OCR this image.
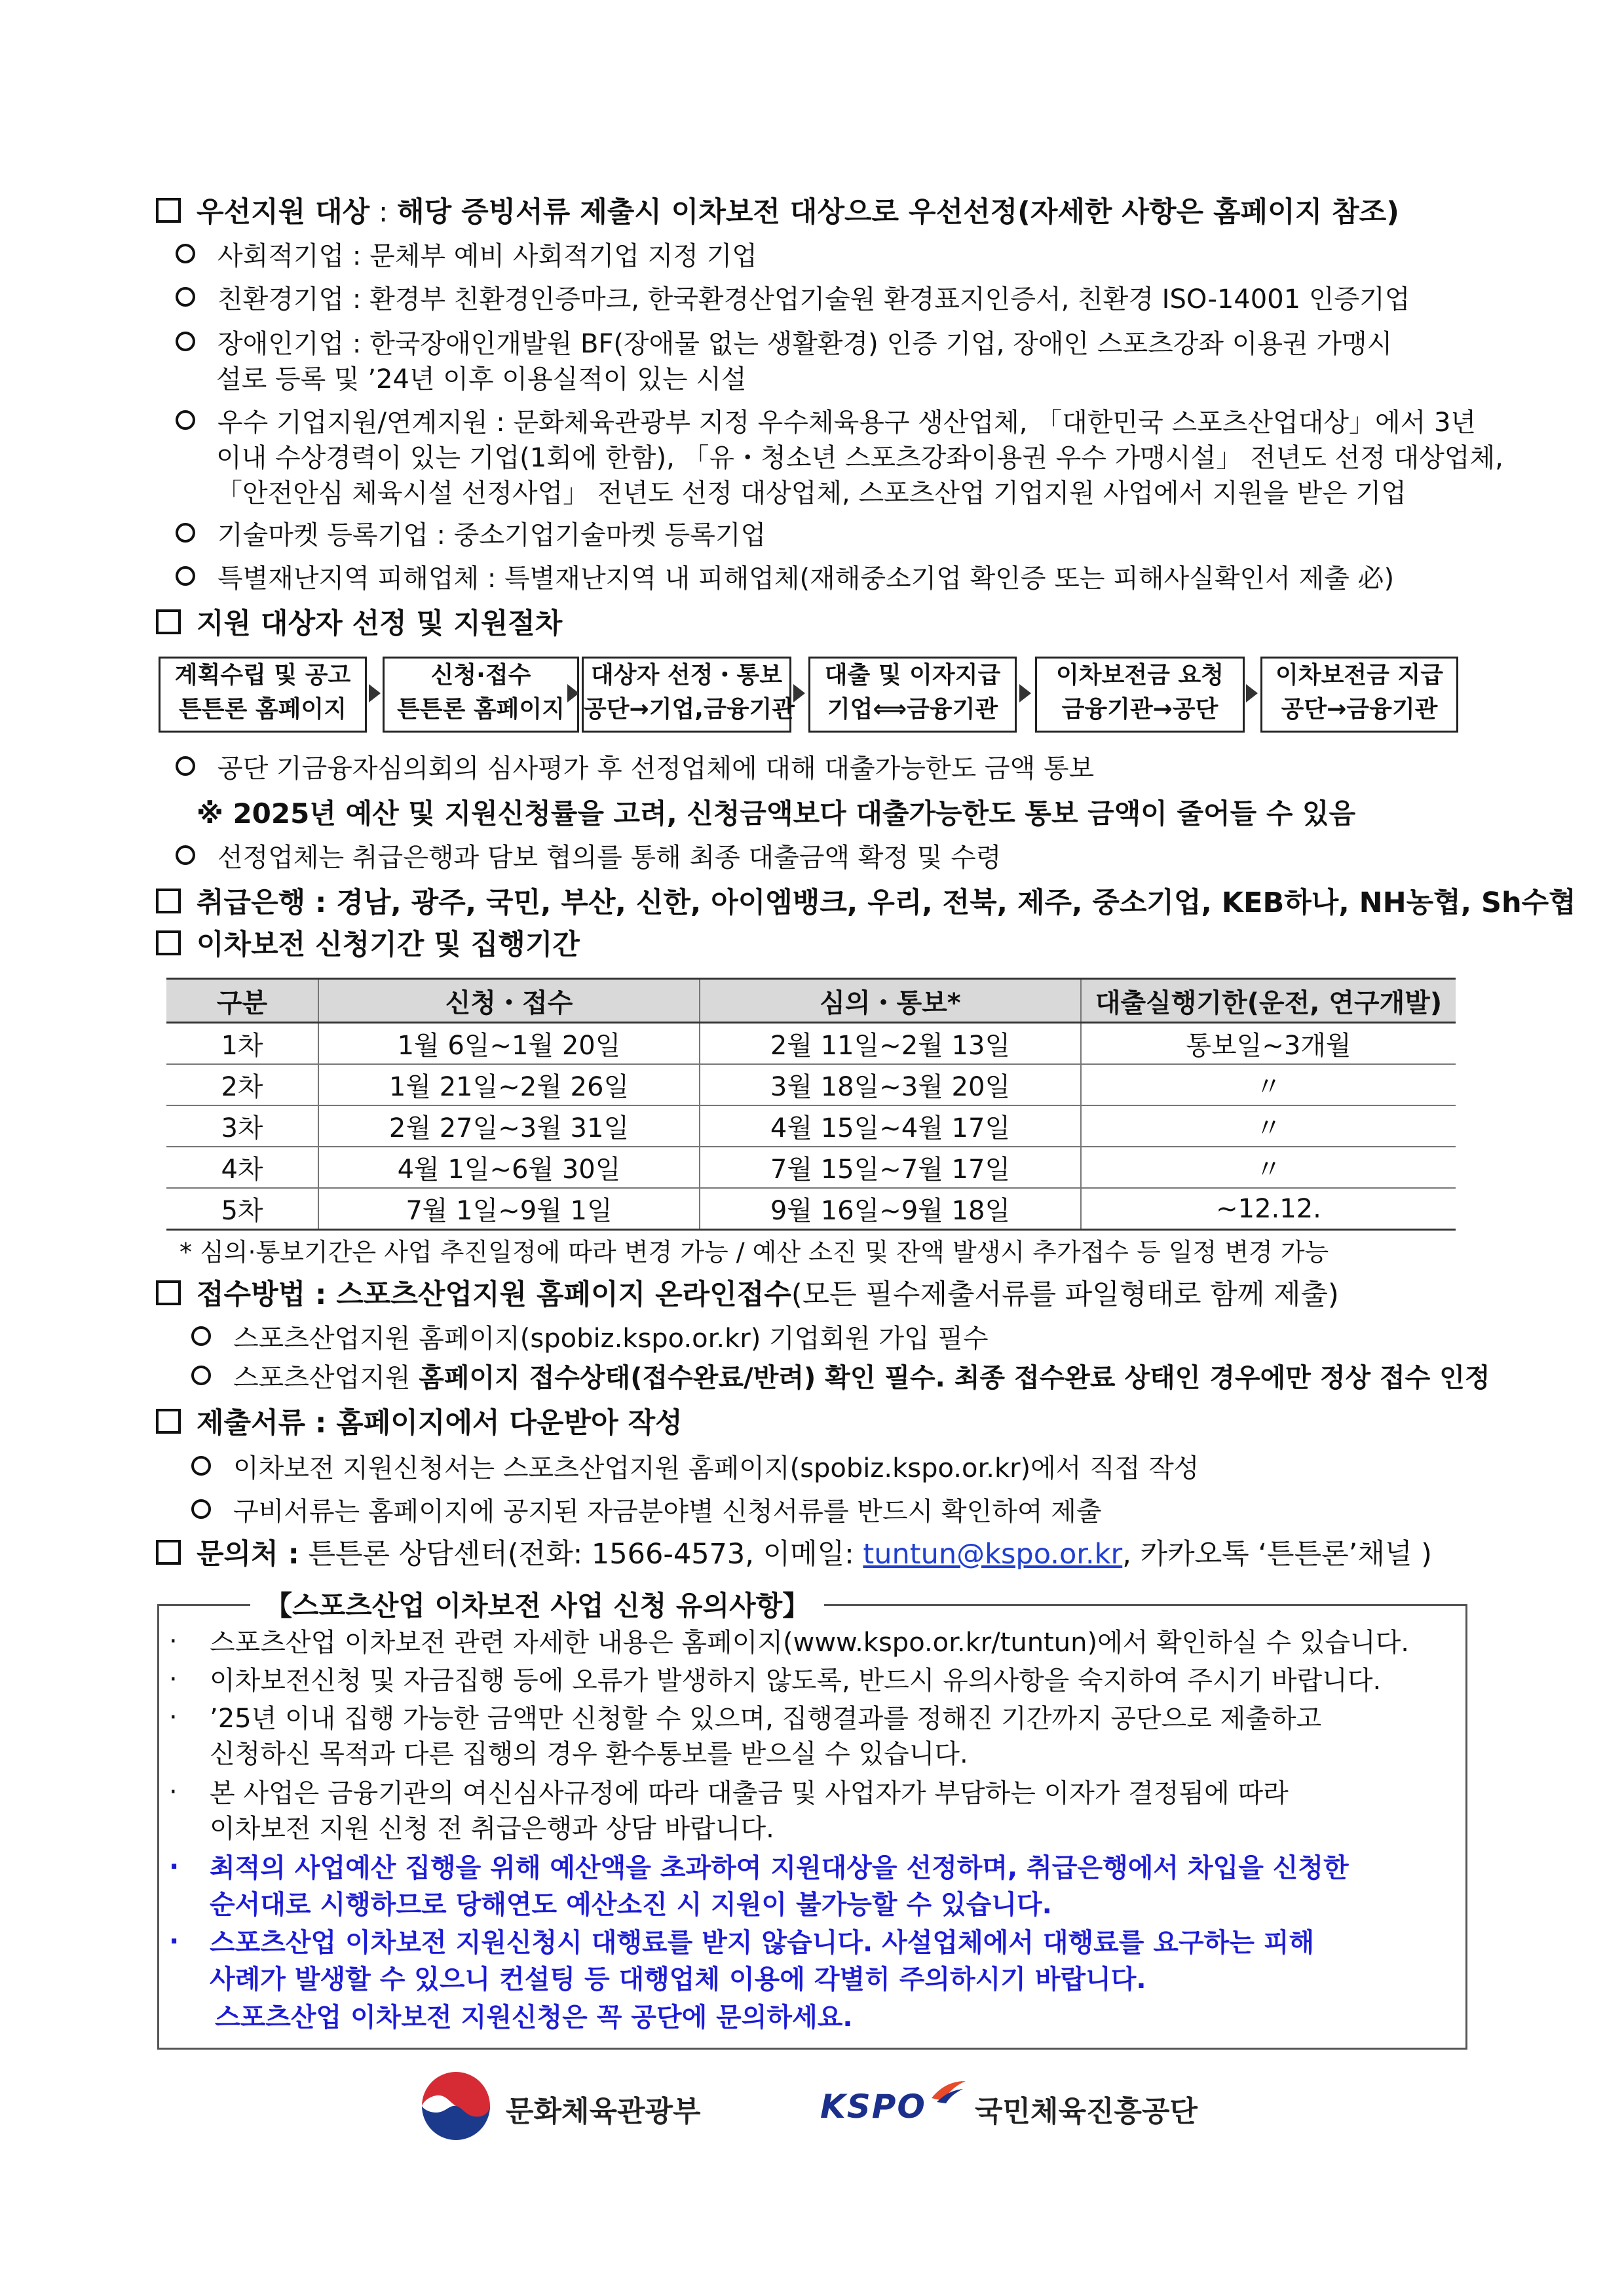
우선지원 대상 : 해당 증빙서류 제출시 이차보전 대상으로 우선선정(자세한 사항은 홈페이지 참조)
사회적기업 : 문체부 예비 사회적기업 지정 기업
친환경기업 : 환경부 친환경인증마크, 한국환경산업기술원 환경표지인증서, 친환경 ISO-14001 인증기업
장애인기업 : 한국장애인개발원 BF(장애물 없는 생활환경) 인증 기업, 장애인 스포츠강좌 이용권 가맹시
설로 등록 및 ’24년 이후 이용실적이 있는 시설
우수 기업지원/연계지원 : 문화체육관광부 지정 우수체육용구 생산업체, 「대한민국 스포츠산업대상」에서 3년
이내 수상경력이 있는 기업(1회에 한함), 「유・청소년 스포츠강좌이용권 우수 가맹시설」 전년도 선정 대상업체,
「안전안심 체육시설 선정사업」 전년도 선정 대상업체, 스포츠산업 기업지원 사업에서 지원을 받은 기업
기술마켓 등록기업 : 중소기업기술마켓 등록기업
특별재난지역 피해업체 : 특별재난지역 내 피해업체(재해중소기업 확인증 또는 피해사실확인서 제출 必)
지원 대상자 선정 및 지원절차
계획수립 및 공고
튼튼론 홈페이지
신청·접수
튼튼론 홈페이지
대상자 선정・통보
공단→기업,금융기관
대출 및 이자지급
기업⟺금융기관
이차보전금 요청
금융기관→공단
이차보전금 지급
공단→금융기관
공단 기금융자심의회의 심사평가 후 선정업체에 대해 대출가능한도 금액 통보
※ 2025년 예산 및 지원신청률을 고려, 신청금액보다 대출가능한도 통보 금액이 줄어들 수 있음
선정업체는 취급은행과 담보 협의를 통해 최종 대출금액 확정 및 수령
취급은행 : 경남, 광주, 국민, 부산, 신한, 아이엠뱅크, 우리, 전북, 제주, 중소기업, KEB하나, NH농협, Sh수협
이차보전 신청기간 및 집행기간
구분	신청・접수	심의・통보*	대출실행기한(운전, 연구개발)
1차	1월 6일~1월 20일	2월 11일~2월 13일	통보일~3개월
2차	1월 21일~2월 26일	3월 18일~3월 20일	〃
3차	2월 27일~3월 31일	4월 15일~4월 17일	〃
4차	4월 1일~6월 30일	7월 15일~7월 17일	〃
5차	7월 1일~9월 1일	9월 16일~9월 18일	~12.12.
* 심의·통보기간은 사업 추진일정에 따라 변경 가능 / 예산 소진 및 잔액 발생시 추가접수 등 일정 변경 가능
접수방법 : 스포츠산업지원 홈페이지 온라인접수(모든 필수제출서류를 파일형태로 함께 제출)
스포츠산업지원 홈페이지(spobiz.kspo.or.kr) 기업회원 가입 필수
스포츠산업지원 홈페이지 접수상태(접수완료/반려) 확인 필수. 최종 접수완료 상태인 경우에만 정상 접수 인정
제출서류 : 홈페이지에서 다운받아 작성
이차보전 지원신청서는 스포츠산업지원 홈페이지(spobiz.kspo.or.kr)에서 직접 작성
구비서류는 홈페이지에 공지된 자금분야별 신청서류를 반드시 확인하여 제출
문의처 : 튼튼론 상담센터(전화: 1566-4573, 이메일: tuntun@kspo.or.kr, 카카오톡 ‘튼튼론’채널 )
【스포츠산업 이차보전 사업 신청 유의사항】
· 스포츠산업 이차보전 관련 자세한 내용은 홈페이지(www.kspo.or.kr/tuntun)에서 확인하실 수 있습니다.
· 이차보전신청 및 자금집행 등에 오류가 발생하지 않도록, 반드시 유의사항을 숙지하여 주시기 바랍니다.
· ’25년 이내 집행 가능한 금액만 신청할 수 있으며, 집행결과를 정해진 기간까지 공단으로 제출하고
신청하신 목적과 다른 집행의 경우 환수통보를 받으실 수 있습니다.
· 본 사업은 금융기관의 여신심사규정에 따라 대출금 및 사업자가 부담하는 이자가 결정됨에 따라
이차보전 지원 신청 전 취급은행과 상담 바랍니다.
· 최적의 사업예산 집행을 위해 예산액을 초과하여 지원대상을 선정하며, 취급은행에서 차입을 신청한
순서대로 시행하므로 당해연도 예산소진 시 지원이 불가능할 수 있습니다.
· 스포츠산업 이차보전 지원신청시 대행료를 받지 않습니다. 사설업체에서 대행료를 요구하는 피해
사례가 발생할 수 있으니 컨설팅 등 대행업체 이용에 각별히 주의하시기 바랍니다.
스포츠산업 이차보전 지원신청은 꼭 공단에 문의하세요.
문화체육관광부	KSPO 국민체육진흥공단
